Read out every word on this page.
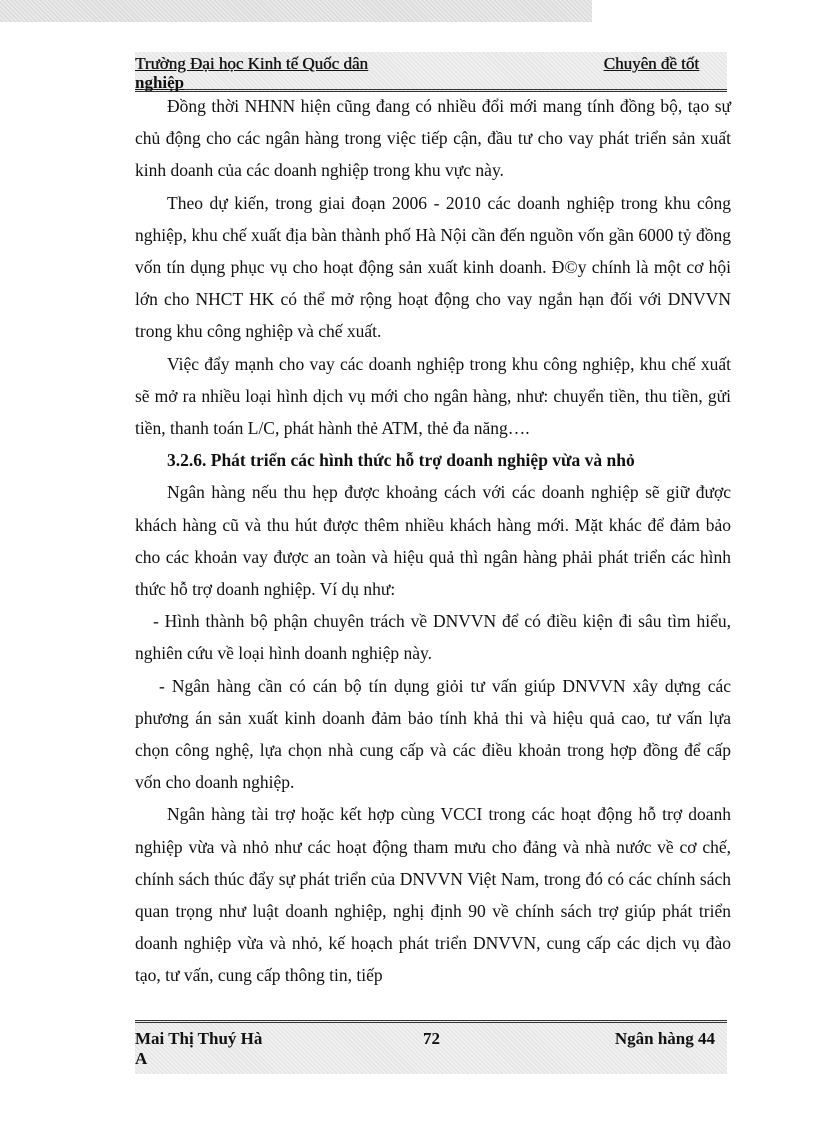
Trường Đại học Kinh tế Quốc dân	Chuyên đề tốt
nghiệp

Đồng thời NHNN hiện cũng đang có nhiều đổi mới mang tính đồng bộ, tạo sự chủ động cho các ngân hàng trong việc tiếp cận, đầu tư cho vay phát triển sản xuất kinh doanh của các doanh nghiệp trong khu vực này.

Theo dự kiến, trong giai đoạn 2006 - 2010 các doanh nghiệp trong khu công nghiệp, khu chế xuất địa bàn thành phố Hà Nội cần đến nguồn vốn gần 6000 tỷ đồng vốn tín dụng phục vụ cho hoạt động sản xuất kinh doanh. Đ©y chính là một cơ hội lớn cho NHCT HK có thể mở rộng hoạt động cho vay ngắn hạn đối với DNVVN trong khu công nghiệp và chế xuất.

Việc đẩy mạnh cho vay các doanh nghiệp trong khu công nghiệp, khu chế xuất sẽ mở ra nhiều loại hình dịch vụ mới cho ngân hàng, như: chuyển tiền, thu tiền, gửi tiền, thanh toán L/C, phát hành thẻ ATM, thẻ đa năng….

3.2.6. Phát triển các hình thức hỗ trợ doanh nghiệp vừa và nhỏ

Ngân hàng nếu thu hẹp được khoảng cách với các doanh nghiệp sẽ giữ được khách hàng cũ và thu hút được thêm nhiều khách hàng mới. Mặt khác để đảm bảo cho các khoản vay được an toàn và hiệu quả thì ngân hàng phải phát triển các hình thức hỗ trợ doanh nghiệp. Ví dụ như:

- Hình thành bộ phận chuyên trách về DNVVN để có điều kiện đi sâu tìm hiểu, nghiên cứu về loại hình doanh nghiệp này.

- Ngân hàng cần có cán bộ tín dụng giỏi tư vấn giúp DNVVN xây dựng các phương án sản xuất kinh doanh đảm bảo tính khả thi và hiệu quả cao, tư vấn lựa chọn công nghệ, lựa chọn nhà cung cấp và các điều khoản trong hợp đồng để cấp vốn cho doanh nghiệp.

Ngân hàng tài trợ hoặc kết hợp cùng VCCI trong các hoạt động hỗ trợ doanh nghiệp vừa và nhỏ như các hoạt động tham mưu cho đảng và nhà nước về cơ chế, chính sách thúc đẩy sự phát triển của DNVVN Việt Nam, trong đó có các chính sách quan trọng như luật doanh nghiệp, nghị định 90 về chính sách trợ giúp phát triển doanh nghiệp vừa và nhỏ, kế hoạch phát triển DNVVN, cung cấp các dịch vụ đào tạo, tư vấn, cung cấp thông tin, tiếp

Mai Thị Thuý Hà	72	Ngân hàng 44
A
